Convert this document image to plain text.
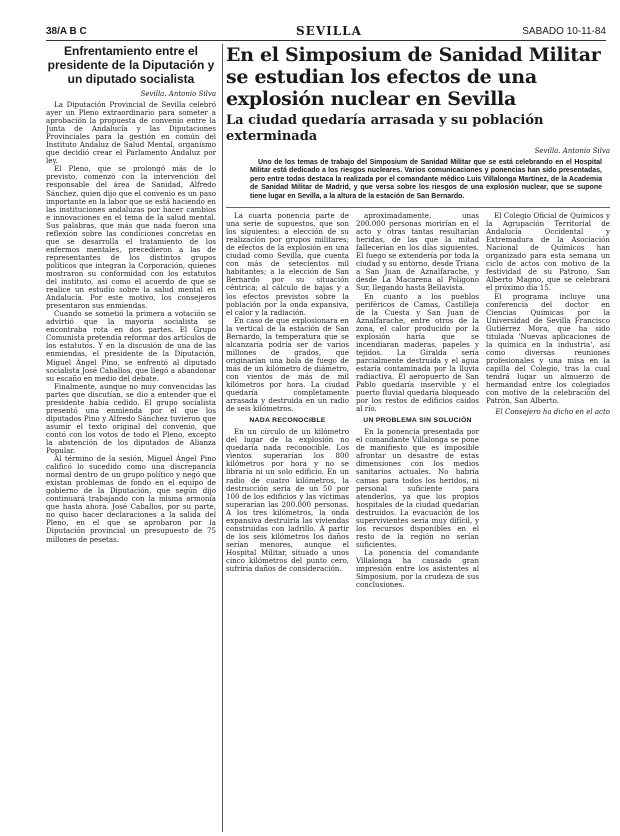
38/A B C	SEVILLA	SABADO 10-11-84
Enfrentamiento entre el presidente de la Diputación y un diputado socialista
Sevilla. Antonio Silva

La Diputación Provincial de Sevilla celebró ayer un Pleno extraordinario para someter a aprobación la propuesta de convenio entre la Junta de Andalucía y las Diputaciones Provinciales para la gestión en común del Instituto Andaluz de Salud Mental, organismo que decidió crear el Parlamento Andaluz por ley.

El Pleno, que se prolongó más de lo previsto, comenzó con la intervención del responsable del área de Sanidad, Alfredo Sánchez, quien dijo que el convenio es un paso importante en la labor que se está haciendo en las instituciones andaluzas por hacer cambios e innovaciones en el tema de la salud mental. Sus palabras, que más que nada fueron una reflexión sobre las condiciones concretas en que se desarrolla el tratamiento de los enfermos mentales, precedieron a las de representantes de los distintos grupos políticos que integran la Corporación, quienes mostraron su conformidad con los estatutos del instituto, así como el acuerdo de que se realice un estudio sobre la salud mental en Andalucía. Por este motivo, los consejeros presentaron sus enmiendas.

Cuando se sometió la primera a votación se advirtió que la mayoría socialista se encontraba rota en dos partes. El Grupo Comunista pretendía reformar dos artículos de los estatutos. Y en la discusión de una de las enmiendas, el presidente de la Diputación, Miguel Ángel Pino, se enfrentó al diputado socialista José Caballos, que llegó a abandonar su escaño en medio del debate.

Finalmente, aunque no muy convencidas las partes que discutían, se dio a entender que el presidente había cedido. El grupo socialista presentó una enmienda por el que los diputados Pino y Alfredo Sánchez tuvieron que asumir el texto original del convenio, que contó con los votos de todo el Pleno, excepto la abstención de los diputados de Alianza Popular.

Al término de la sesión, Miguel Ángel Pino calificó lo sucedido como una discrepancia normal dentro de un grupo político y negó que existan problemas de fondo en el equipo de gobierno de la Diputación, que según dijo continuará trabajando con la misma armonía que hasta ahora. José Caballos, por su parte, no quiso hacer declaraciones a la salida del Pleno, en el que se aprobaron por la Diputación provincial un presupuesto de 75 millones de pesetas.

En el Simposium de Sanidad Militar se estudian los efectos de una explosión nuclear en Sevilla
La ciudad quedaría arrasada y su población exterminada
Sevilla. Antonio Silva

Uno de los temas de trabajo del Simposium de Sanidad Militar que se está celebrando en el Hospital Militar está dedicado a los riesgos nucleares. Varios comunicaciones y ponencias han sido presentadas, pero entre todas destaca la realizada por el comandante médico Luis Villalonga Martínez, de la Academia de Sanidad Militar de Madrid, y que versa sobre los riesgos de una explosión nuclear, que se supone tiene lugar en Sevilla, a la altura de la estación de San Bernardo.

La cuarta ponencia parte de una serie de supuestos, que son los siguientes: a elección de su realización por grupos militares; de efectos de la explosión en una ciudad como Sevilla, que cuenta con más de setecientos mil habitantes; a la elección de San Bernardo por su situación céntrica; al cálculo de bajas y a los efectos previstos sobre la población por la onda expansiva, el calor y la radiación.

En caso de que explosionara en la vertical de la estación de San Bernardo, la temperatura que se alcanzaría podría ser de varios millones de grados, que originarían una bola de fuego de más de un kilómetro de diámetro, con vientos de más de mil kilómetros por hora. La ciudad quedaría completamente arrasada y destruida en un radio de seis kilómetros.

NADA RECONOCIBLE

En un círculo de un kilómetro del lugar de la explosión no quedaría nada reconocible. Los vientos superarían los 800 kilómetros por hora y no se libraría ni un solo edificio. En un radio de cuatro kilómetros, la destrucción sería de un 50 por 100 de los edificios y las víctimas superarían las 200.000 personas. A los tres kilómetros, la onda expansiva destruiría las viviendas construidas con ladrillo. A partir de los seis kilómetros los daños serían menores, aunque el Hospital Militar, situado a unos cinco kilómetros del punto cero, sufriría daños de consideración.

aproximadamente, unas 200.000 personas morirían en el acto y otras tantas resultarían heridas, de las que la mitad fallecerían en los días siguientes. El fuego se extendería por toda la ciudad y su entorno, desde Triana a San Juan de Aznalfarache, y desde La Macarena al Polígono Sur, llegando hasta Bellavista.

En cuanto a los pueblos periféricos de Camas, Castilleja de la Cuesta y San Juan de Aznalfarache, entre otros de la zona, el calor producido por la explosión haría que se incendiaran maderas, papeles y tejidos. La Giralda sería parcialmente destruida y el agua estaría contaminada por la lluvia radiactiva. El aeropuerto de San Pablo quedaría inservible y el puerto fluvial quedaría bloqueado por los restos de edificios caídos al río.

UN PROBLEMA SIN SOLUCIÓN

En la ponencia presentada por el comandante Villalonga se pone de manifiesto que es imposible afrontar un desastre de estas dimensiones con los medios sanitarios actuales. No habría camas para todos los heridos, ni personal suficiente para atenderlos, ya que los propios hospitales de la ciudad quedarían destruidos. La evacuación de los supervivientes sería muy difícil, y los recursos disponibles en el resto de la región no serían suficientes.

La ponencia del comandante Villalonga ha causado gran impresión entre los asistentes al Simposium, por la crudeza de sus conclusiones.

El Colegio Oficial de Químicos y la Agrupación Territorial de Andalucía Occidental y Extremadura de la Asociación Nacional de Químicos han organizado para esta semana un ciclo de actos con motivo de la festividad de su Patrono, San Alberto Magno, que se celebrará el próximo día 15.

El programa incluye una conferencia del doctor en Ciencias Químicas por la Universidad de Sevilla Francisco Gutiérrez Mora, que ha sido titulada 'Nuevas aplicaciones de la química en la industria', así como diversas reuniones profesionales y una misa en la capilla del Colegio, tras la cual tendrá lugar un almuerzo de hermandad entre los colegiados con motivo de la celebración del Patrón, San Alberto.

El Consejero ha dicho en el acto
